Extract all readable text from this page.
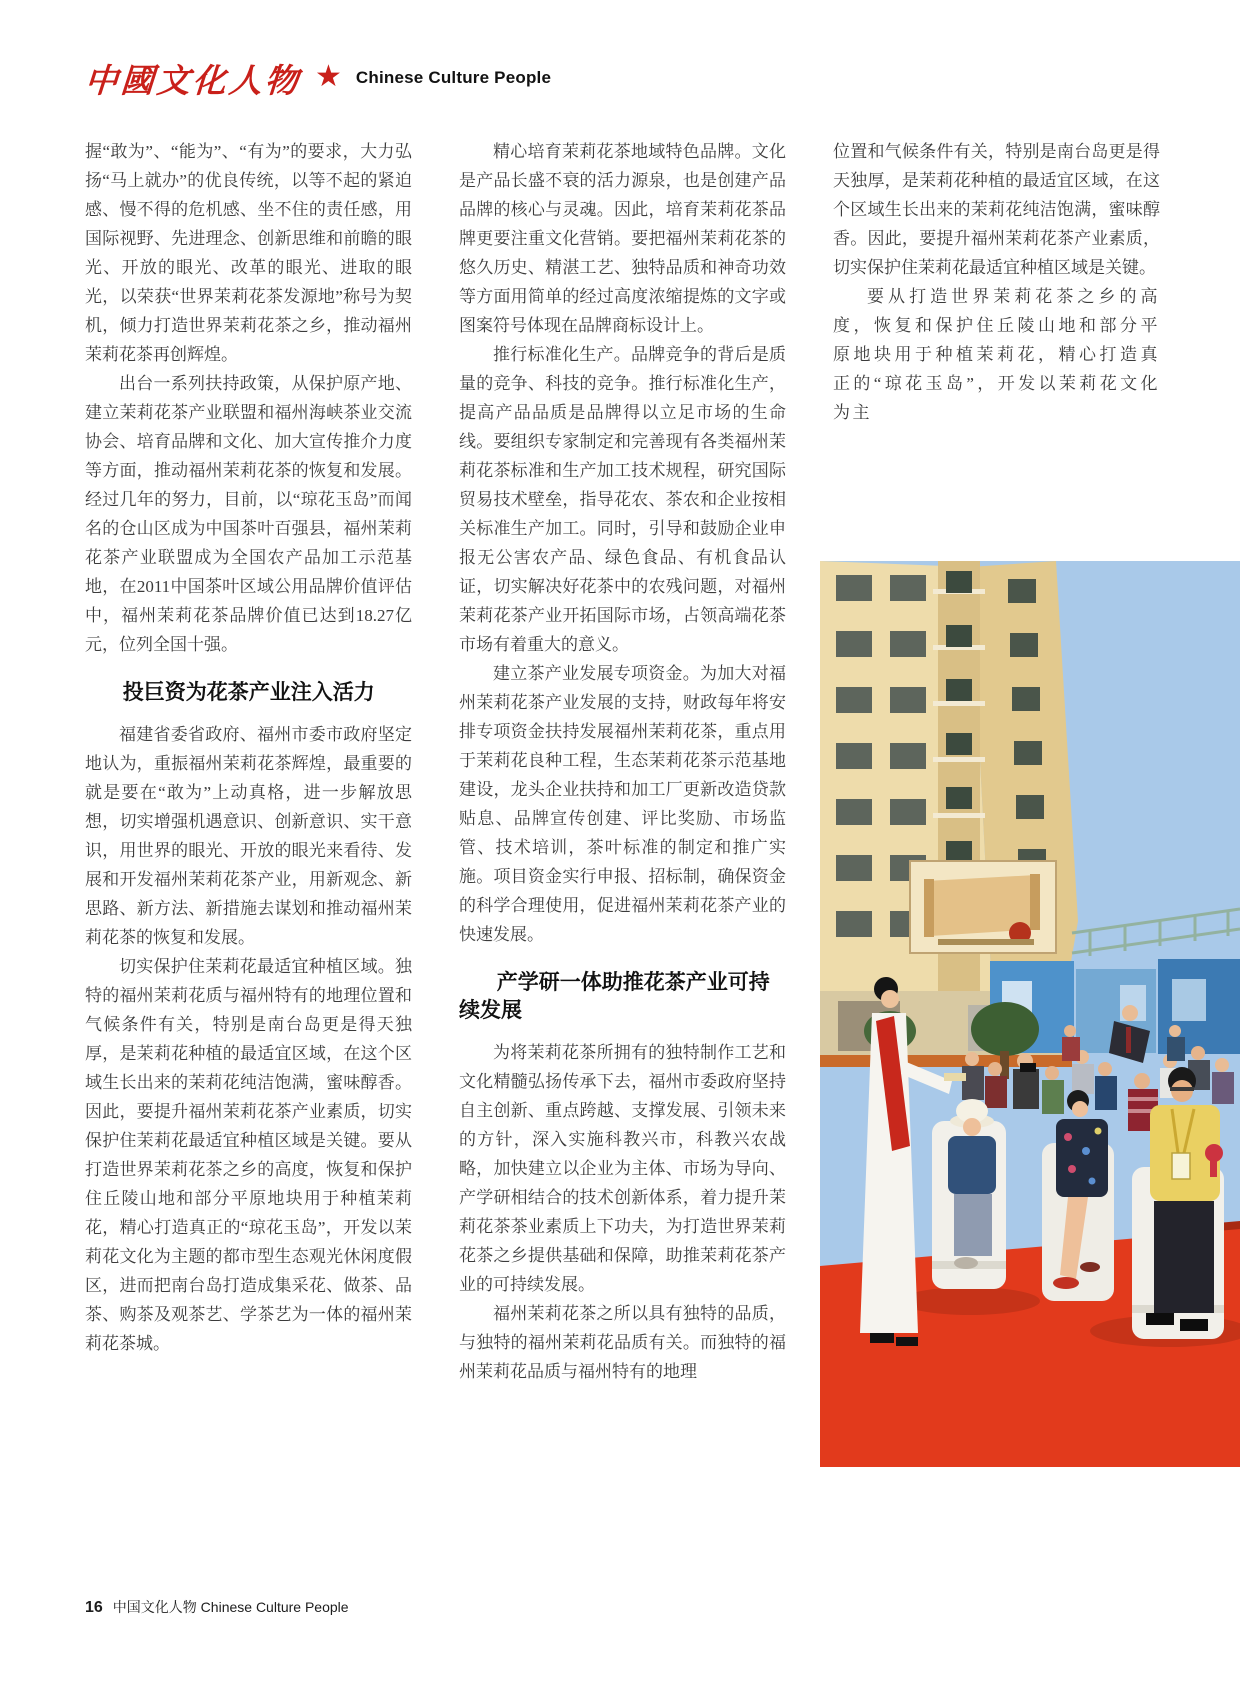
中國文化人物 ★ Chinese Culture People

握“敢为”、“能为”、“有为”的要求，大力弘扬“马上就办”的优良传统，以等不起的紧迫感、慢不得的危机感、坐不住的责任感，用国际视野、先进理念、创新思维和前瞻的眼光、开放的眼光、改革的眼光、进取的眼光，以荣获“世界茉莉花茶发源地”称号为契机，倾力打造世界茉莉花茶之乡，推动福州茉莉花茶再创辉煌。

出台一系列扶持政策，从保护原产地、建立茉莉花茶产业联盟和福州海峡茶业交流协会、培育品牌和文化、加大宣传推介力度等方面，推动福州茉莉花茶的恢复和发展。经过几年的努力，目前，以“琼花玉岛”而闻名的仓山区成为中国茶叶百强县，福州茉莉花茶产业联盟成为全国农产品加工示范基地，在2011中国茶叶区域公用品牌价值评估中，福州茉莉花茶品牌价值已达到18.27亿元，位列全国十强。

投巨资为花茶产业注入活力

福建省委省政府、福州市委市政府坚定地认为，重振福州茉莉花茶辉煌，最重要的就是要在“敢为”上动真格，进一步解放思想，切实增强机遇意识、创新意识、实干意识，用世界的眼光、开放的眼光来看待、发展和开发福州茉莉花茶产业，用新观念、新思路、新方法、新措施去谋划和推动福州茉莉花茶的恢复和发展。

切实保护住茉莉花最适宜种植区域。独特的福州茉莉花质与福州特有的地理位置和气候条件有关，特别是南台岛更是得天独厚，是茉莉花种植的最适宜区域，在这个区域生长出来的茉莉花纯洁饱满，蜜味醇香。因此，要提升福州茉莉花茶产业素质，切实保护住茉莉花最适宜种植区域是关键。要从打造世界茉莉花茶之乡的高度，恢复和保护住丘陵山地和部分平原地块用于种植茉莉花，精心打造真正的“琼花玉岛”，开发以茉莉花文化为主题的都市型生态观光休闲度假区，进而把南台岛打造成集采花、做茶、品茶、购茶及观茶艺、学茶艺为一体的福州茉莉花茶城。

精心培育茉莉花茶地域特色品牌。文化是产品长盛不衰的活力源泉，也是创建产品品牌的核心与灵魂。因此，培育茉莉花茶品牌更要注重文化营销。要把福州茉莉花茶的悠久历史、精湛工艺、独特品质和神奇功效等方面用简单的经过高度浓缩提炼的文字或图案符号体现在品牌商标设计上。

推行标准化生产。品牌竞争的背后是质量的竞争、科技的竞争。推行标准化生产，提高产品品质是品牌得以立足市场的生命线。要组织专家制定和完善现有各类福州茉莉花茶标准和生产加工技术规程，研究国际贸易技术壁垒，指导花农、茶农和企业按相关标准生产加工。同时，引导和鼓励企业申报无公害农产品、绿色食品、有机食品认证，切实解决好花茶中的农残问题，对福州茉莉花茶产业开拓国际市场，占领高端花茶市场有着重大的意义。

建立茶产业发展专项资金。为加大对福州茉莉花茶产业发展的支持，财政每年将安排专项资金扶持发展福州茉莉花茶，重点用于茉莉花良种工程，生态茉莉花茶示范基地建设，龙头企业扶持和加工厂更新改造贷款贴息、品牌宣传创建、评比奖励、市场监管、技术培训，茶叶标准的制定和推广实施。项目资金实行申报、招标制，确保资金的科学合理使用，促进福州茉莉花茶产业的快速发展。

产学研一体助推花茶产业可持续发展

为将茉莉花茶所拥有的独特制作工艺和文化精髓弘扬传承下去，福州市委政府坚持自主创新、重点跨越、支撑发展、引领未来的方针，深入实施科教兴市，科教兴农战略，加快建立以企业为主体、市场为导向、产学研相结合的技术创新体系，着力提升茉莉花茶茶业素质上下功夫，为打造世界茉莉花茶之乡提供基础和保障，助推茉莉花茶产业的可持续发展。

福州茉莉花茶之所以具有独特的品质，与独特的福州茉莉花品质有关。而独特的福州茉莉花品质与福州特有的地理

位置和气候条件有关，特别是南台岛更是得天独厚，是茉莉花种植的最适宜区域，在这个区域生长出来的茉莉花纯洁饱满，蜜味醇香。因此，要提升福州茉莉花茶产业素质，切实保护住茉莉花最适宜种植区域是关键。

要从打造世界茉莉花茶之乡的高度，恢复和保护住丘陵山地和部分平原地块用于种植茉莉花，精心打造真正的“琼花玉岛”，开发以茉莉花文化为主

16 中国文化人物 Chinese Culture People
